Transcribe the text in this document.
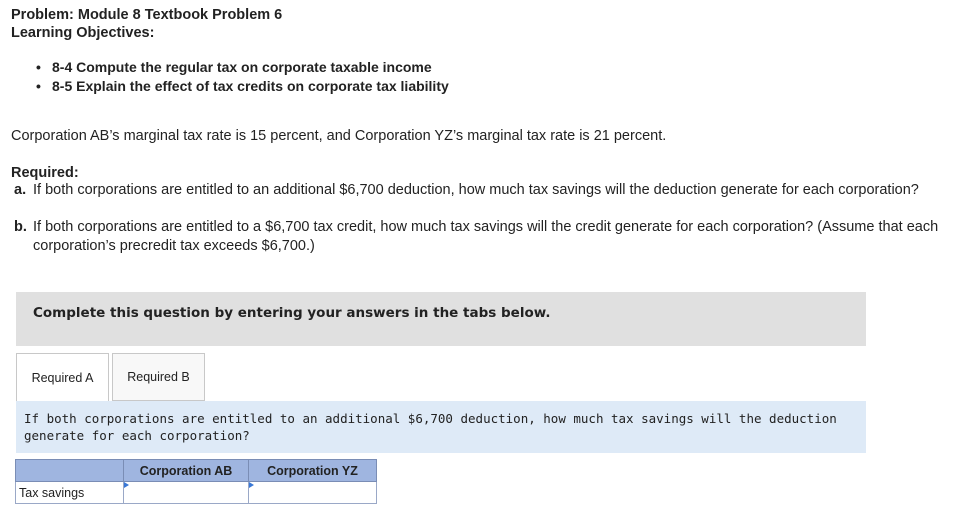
Problem: Module 8 Textbook Problem 6
Learning Objectives:
• 8-4 Compute the regular tax on corporate taxable income
• 8-5 Explain the effect of tax credits on corporate tax liability
Corporation AB’s marginal tax rate is 15 percent, and Corporation YZ’s marginal tax rate is 21 percent.
Required:
a. If both corporations are entitled to an additional $6,700 deduction, how much tax savings will the deduction generate for each corporation?
b. If both corporations are entitled to a $6,700 tax credit, how much tax savings will the credit generate for each corporation? (Assume that each corporation’s precredit tax exceeds $6,700.)
Complete this question by entering your answers in the tabs below.
Required A	Required B
If both corporations are entitled to an additional $6,700 deduction, how much tax savings will the deduction generate for each corporation?
	Corporation AB	Corporation YZ
Tax savings		
